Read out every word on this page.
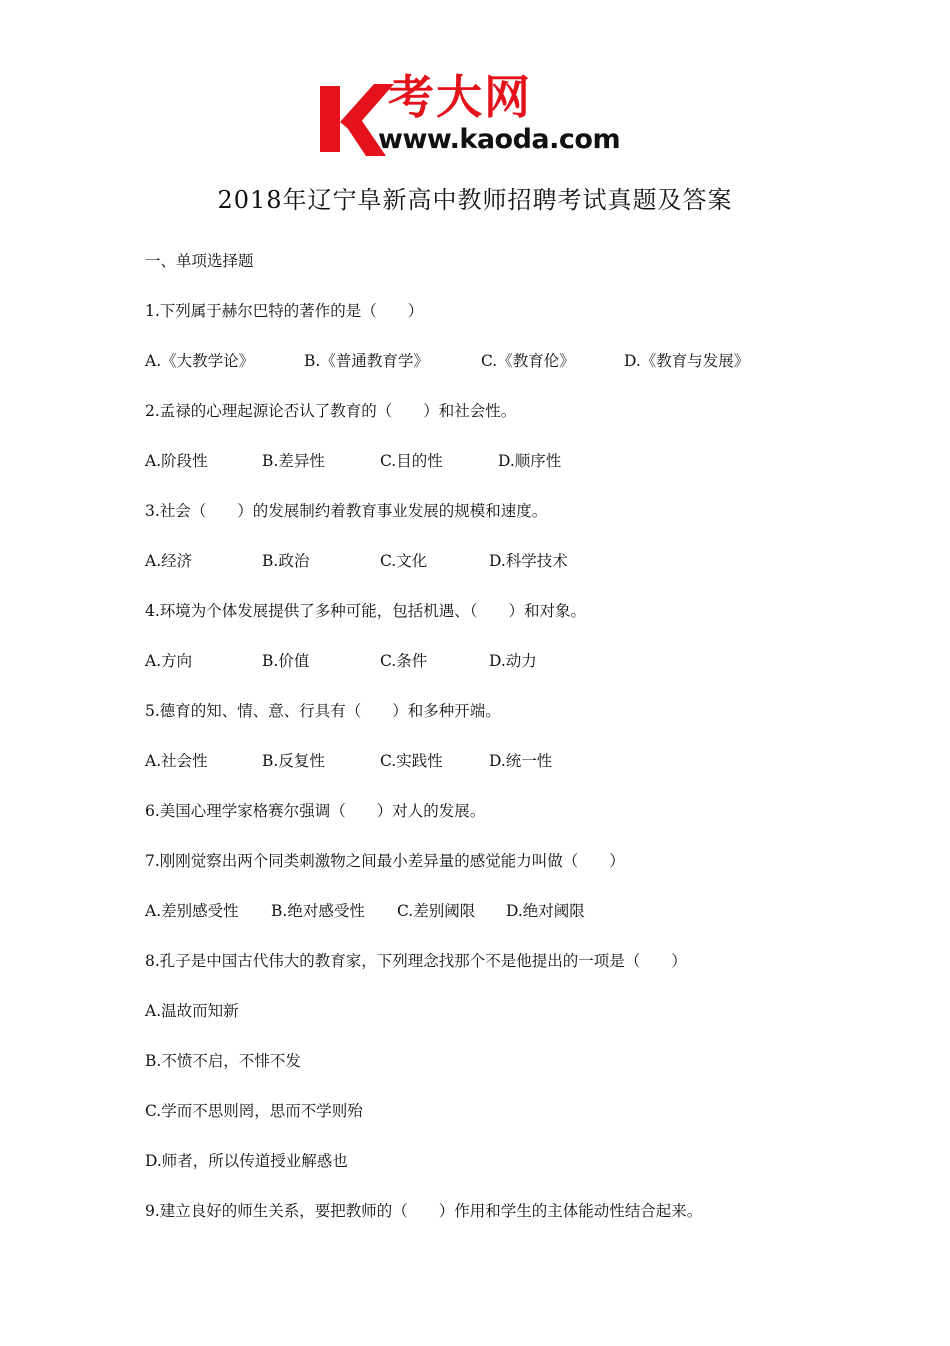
考大网
www.kaoda.com
2018年辽宁阜新高中教师招聘考试真题及答案
一、单项选择题
1.下列属于赫尔巴特的著作的是（　　）
A.《大教学论》	B.《普通教育学》	C.《教育伦》	D.《教育与发展》
2.孟禄的心理起源论否认了教育的（　　）和社会性。
A.阶段性	B.差异性	C.目的性	D.顺序性
3.社会（　　）的发展制约着教育事业发展的规模和速度。
A.经济	B.政治	C.文化	D.科学技术
4.环境为个体发展提供了多种可能，包括机遇、（　　）和对象。
A.方向	B.价值	C.条件	D.动力
5.德育的知、情、意、行具有（　　）和多种开端。
A.社会性	B.反复性	C.实践性	D.统一性
6.美国心理学家格赛尔强调（　　）对人的发展。
7.刚刚觉察出两个同类刺激物之间最小差异量的感觉能力叫做（　　）
A.差别感受性 B.绝对感受性 C.差别阈限 D.绝对阈限
8.孔子是中国古代伟大的教育家，下列理念找那个不是他提出的一项是（　　）
A.温故而知新
B.不愤不启，不悱不发
C.学而不思则罔，思而不学则殆
D.师者，所以传道授业解惑也
9.建立良好的师生关系，要把教师的（　　）作用和学生的主体能动性结合起来。
